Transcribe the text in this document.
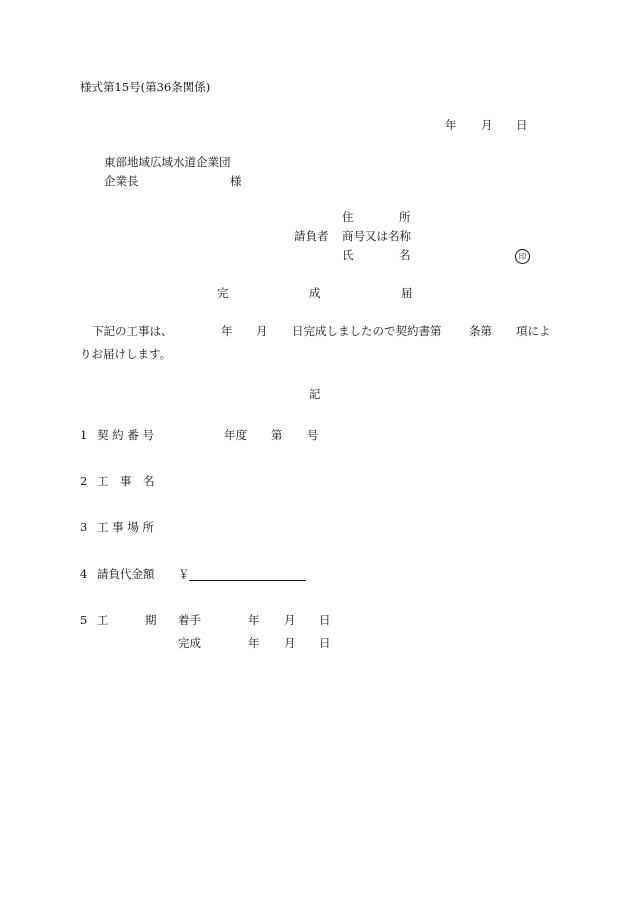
様式第15号(第36条関係)
年 月 日
東部地域広域水道企業団
企業長	様
住	所
請負者 商号又は名称
氏	名	印
完	成	届
下記の工事は、	年 月 日完成しましたので契約書第 条第 項によ
りお届けします。
記
1 契 約 番 号	年度 第 号
2 工　事　名
3 工 事 場 所
4 請負代金額 ￥
5 工	期 着手	年 月 日
完成	年 月 日
